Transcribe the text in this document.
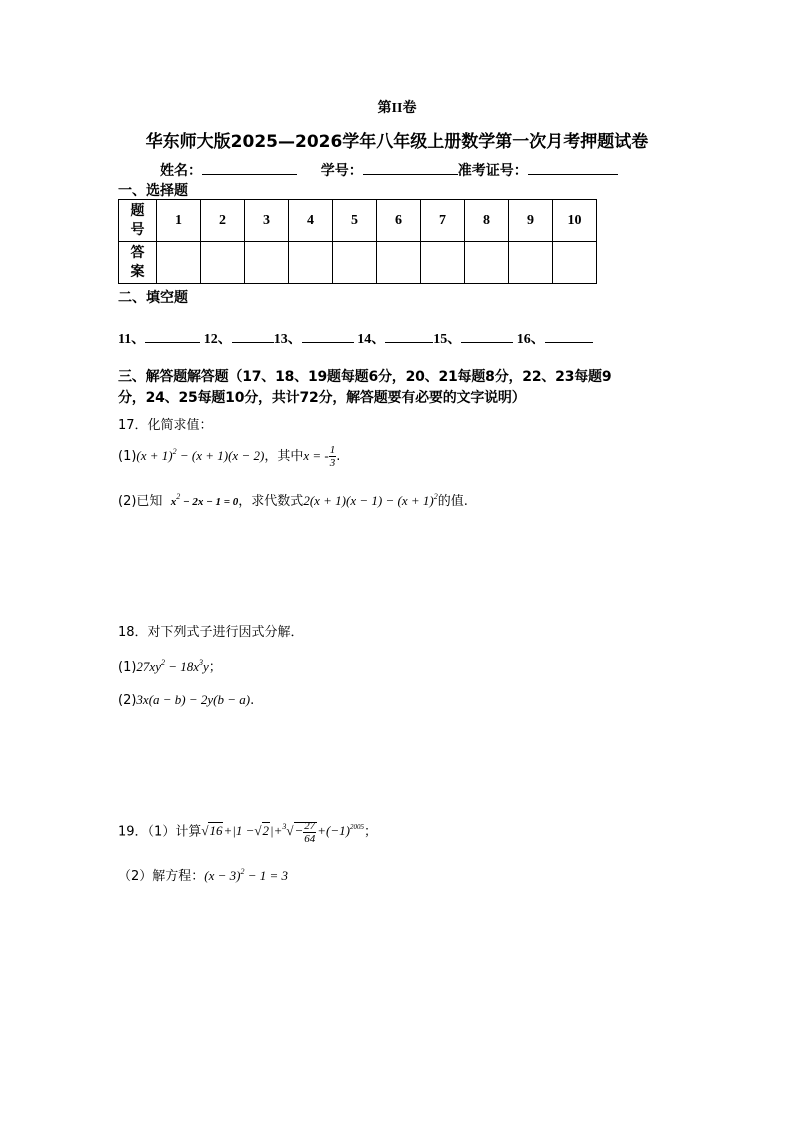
第II卷
华东师大版2025—2026学年八年级上册数学第一次月考押题试卷
姓名：	学号：	准考证号：
一、选择题
题
号	1	2	3	4	5	6	7	8	9	10
答
案										
二、填空题
11、	12、	13、	14、	15、	16、
三、解答题解答题（17、18、19题每题6分，20、21每题8分，22、23每题9
分，24、25每题10分，共计72分，解答题要有必要的文字说明）
17．化简求值：
$(1)(x + 1)^2 - (x + 1)(x - 2)$，其中x = - $\frac{1}{3}$ .
(2)已知 $x^2 - 2x - 1 = 0$，求代数式$2(x + 1)(x - 1) - (x + 1)^2$的值.
18．对下列式子进行因式分解．
$(1)27xy^2 - 18x^3y$；
(2)3x(a − b) − 2y(b − a).
19．（1）计算$√16+|1 -√2|+^3√- \frac{27}{64} +(-1)^{2005}$；
（2）解方程：$(x - 3)^2 - 1 = 3$
